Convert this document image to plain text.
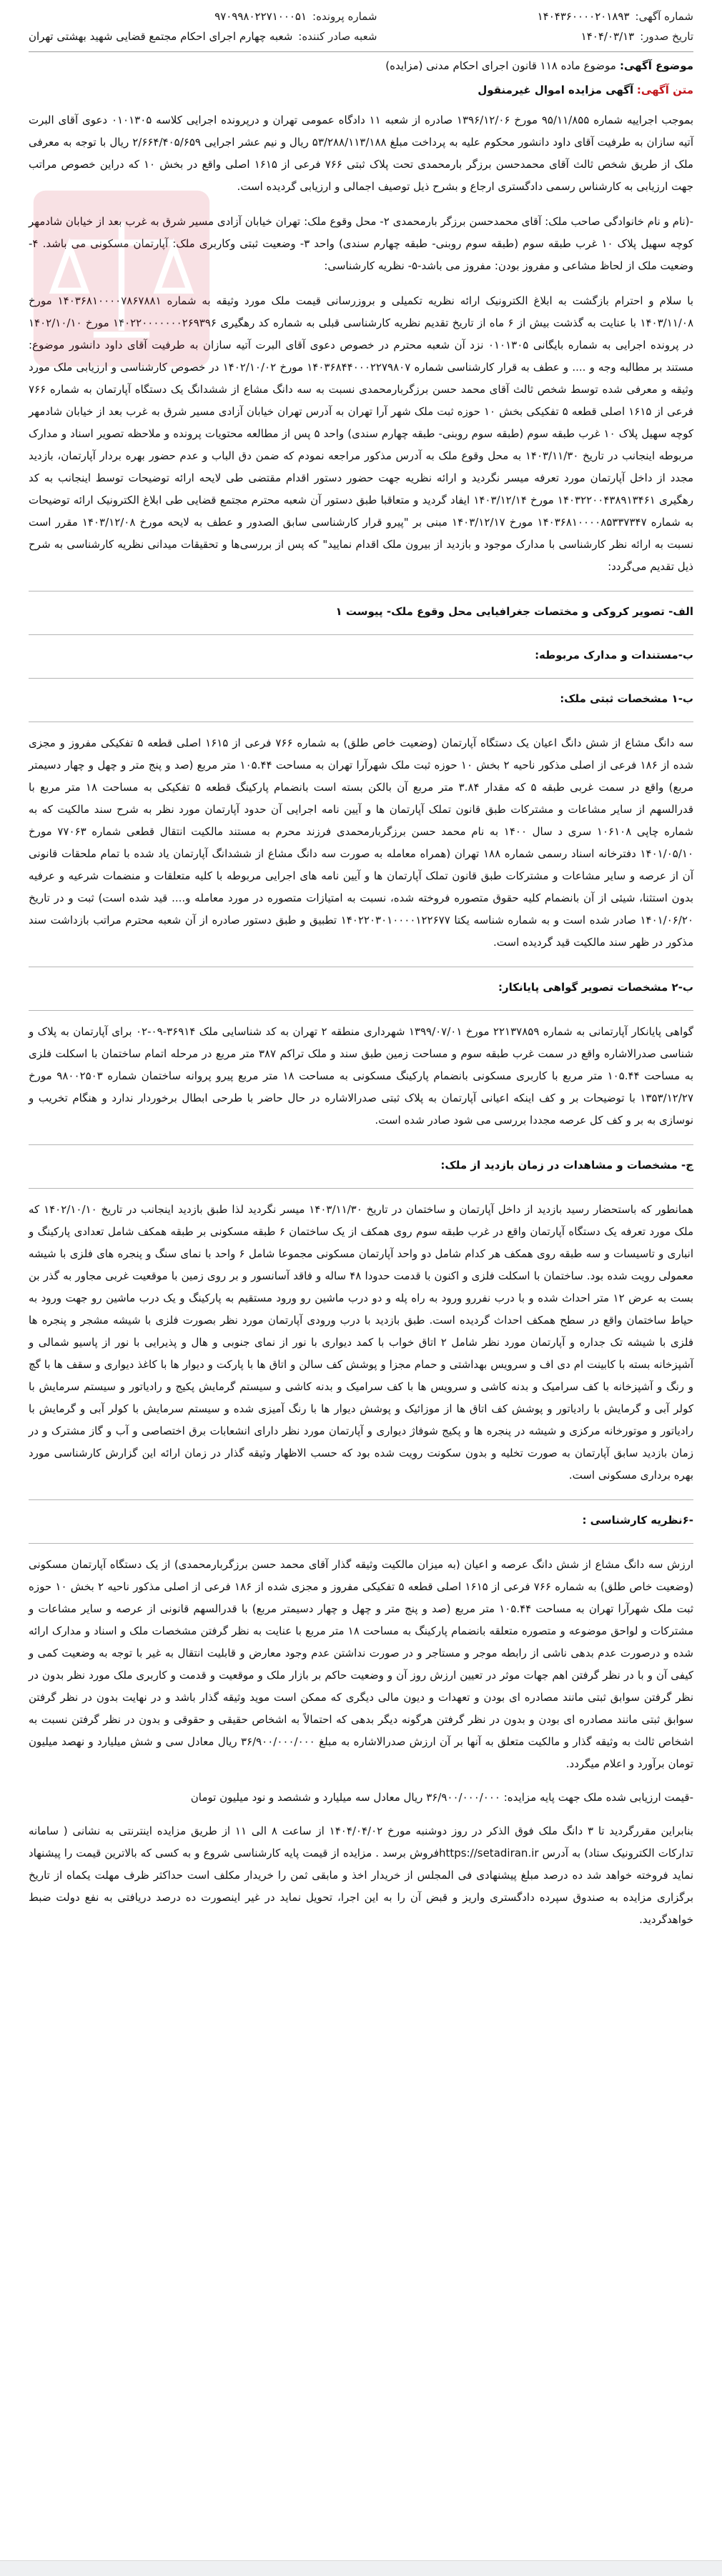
شماره آگهی:
۱۴۰۴۳۶۰۰۰۰۲۰۱۸۹۳
تاریخ صدور:
۱۴۰۴/۰۳/۱۳
شماره پرونده:
۹۷۰۹۹۸۰۲۲۷۱۰۰۰۵۱
شعبه صادر کننده:
شعبه چهارم اجرای احکام مجتمع قضایی شهید بهشتی تهران
موضوع آگهی: موضوع ماده ۱۱۸ قانون اجرای احکام مدنی (مزایده)
متن آگهی: آگهی مزایده اموال غیرمنقول

بموجب اجراییه شماره ۹۵/۱۱/۸۵۵ مورخ ۱۳۹۶/۱۲/۰۶ صادره از شعبه ۱۱ دادگاه عمومی تهران و درپرونده اجرایی کلاسه ۰۱۰۱۳۰۵ دعوی آقای البرت آتیه سازان به طرفیت آقای داود دانشور محکوم علیه به پرداخت مبلغ ۵۳/۲۸۸/۱۱۳/۱۸۸ ریال و نیم عشر اجرایی ۲/۶۶۴/۴۰۵/۶۵۹ ریال با توجه به معرفی ملک از طریق شخص ثالث آقای محمدحسن برزگر بارمحمدی تحت پلاک ثبتی ۷۶۶ فرعی از ۱۶۱۵ اصلی واقع در بخش ۱۰ که دراین خصوص مراتب جهت ارزیابی به کارشناس رسمی دادگستری ارجاع و بشرح ذیل توصیف اجمالی و ارزیابی گردیده است.

-(نام و نام خانوادگی صاحب ملک: آقای محمدحسن برزگر بارمحمدی ۲- محل وقوع ملک: تهران خیابان آزادی مسیر شرق به غرب بعد از خیابان شادمهر کوچه سهیل پلاک ۱۰ غرب طبقه سوم (طبقه سوم روبنی- طبقه چهارم سندی) واحد ۳- وضعیت ثبتی وکاربری ملک: آپارتمان مسکونی می باشد. ۴- وضعیت ملک از لحاظ مشاعی و مفروز بودن: مفروز می باشد-۵- نظریه کارشناسی:

با سلام و احترام بازگشت به ابلاغ الکترونیک ارائه نظریه تکمیلی و بروزرسانی قیمت ملک مورد وثیقه به شماره ۱۴۰۳۶۸۱۰۰۰۰۷۸۶۷۸۸۱ مورخ ۱۴۰۳/۱۱/۰۸ با عنایت به گذشت بیش از ۶ ماه از تاریخ تقدیم نظریه کارشناسی قبلی به شماره کد رهگیری ۱۴۰۲۲۰۰۰۰۰۰۰۲۶۹۳۹۶ مورخ ۱۴۰۲/۱۰/۱۰ در پرونده اجرایی به شماره بایگانی ۰۱۰۱۳۰۵ نزد آن شعبه محترم در خصوص دعوی آقای البرت آتیه سازان به طرفیت آقای داود دانشور موضوع: مستند بر مطالبه وجه و .... و عطف به قرار کارشناسی شماره ۱۴۰۳۶۸۴۴۰۰۰۲۲۷۹۸۰۷ مورخ ۱۴۰۲/۱۰/۰۲ در خصوص کارشناسی و ارزیابی ملک مورد وثیقه و معرفی شده توسط شخص ثالث آقای محمد حسن برزگربارمحمدی نسبت به سه دانگ مشاع از ششدانگ یک دستگاه آپارتمان به شماره ۷۶۶ فرعی از ۱۶۱۵ اصلی قطعه ۵ تفکیکی بخش ۱۰ حوزه ثبت ملک شهر آرا تهران به آدرس تهران خیابان آزادی مسیر شرق به غرب بعد از خیابان شادمهر کوچه سهیل پلاک ۱۰ غرب طبقه سوم (طبقه سوم روبنی- طبقه چهارم سندی) واحد ۵ پس از مطالعه محتویات پرونده و ملاحظه تصویر اسناد و مدارک مربوطه اینجانب در تاریخ ۱۴۰۳/۱۱/۳۰ به محل وقوع ملک به آدرس مذکور مراجعه نمودم که ضمن دق الباب و عدم حضور بهره بردار آپارتمان، بازدید مجدد از داخل آپارتمان مورد تعرفه میسر نگردید و ارائه نظریه جهت حضور دستور اقدام مقتضی طی لایحه ارائه توضیحات توسط اینجانب به کد رهگیری ۱۴۰۳۲۲۰۰۴۳۸۹۱۳۴۶۱ مورخ ۱۴۰۳/۱۲/۱۴ ایفاد گردید و متعاقبا طبق دستور آن شعبه محترم مجتمع قضایی طی ابلاغ الکترونیک ارائه توضیحات به شماره ۱۴۰۳۶۸۱۰۰۰۰۸۵۳۳۷۳۴۷ مورخ ۱۴۰۳/۱۲/۱۷ مبنی بر "پیرو قرار کارشناسی سابق الصدور و عطف به لایحه مورخ ۱۴۰۳/۱۲/۰۸ مقرر است نسبت به ارائه نظر کارشناسی با مدارک موجود و بازدید از بیرون ملک اقدام نمایید" که پس از بررسی‌ها و تحقیقات میدانی نظریه کارشناسی به شرح ذیل تقدیم می‌گردد:

الف- تصویر کروکی و مختصات جغرافیایی محل وقوع ملک- پیوست ۱
ب-مستندات و مدارک مربوطه:
ب-۱ مشخصات ثبتی ملک:

سه دانگ مشاع از شش دانگ اعیان یک دستگاه آپارتمان (وضعیت خاص طلق) به شماره ۷۶۶ فرعی از ۱۶۱۵ اصلی قطعه ۵ تفکیکی مفروز و مجزی شده از ۱۸۶ فرعی از اصلی مذکور ناحیه ۲ بخش ۱۰ حوزه ثبت ملک شهرآرا تهران به مساحت ۱۰۵.۴۴ متر مربع (صد و پنج متر و چهل و چهار دسیمتر مربع) واقع در سمت غربی طبقه ۵ که مقدار ۳.۸۴ متر مربع آن بالکن بسته است بانضمام پارکینگ قطعه ۵ تفکیکی به مساحت ۱۸ متر مربع با قدرالسهم از سایر مشاعات و مشترکات طبق قانون تملک آپارتمان ها و آیین نامه اجرایی آن حدود آپارتمان مورد نظر به شرح سند مالکیت که به شماره چاپی ۱۰۶۱۰۸ سری د سال ۱۴۰۰ به نام محمد حسن برزگربارمحمدی فرزند محرم به مستند مالکیت انتقال قطعی شماره ۷۷۰۶۳ مورخ ۱۴۰۱/۰۵/۱۰ دفترخانه اسناد رسمی شماره ۱۸۸ تهران (همراه معامله به صورت سه دانگ مشاع از ششدانگ آپارتمان یاد شده با تمام ملحقات قانونی آن از عرصه و سایر مشاعات و مشترکات طبق قانون تملک آپارتمان ها و آیین نامه های اجرایی مربوطه با کلیه متعلقات و منضمات شرعیه و عرفیه بدون استثنا، شیئی از آن بانضمام کلیه حقوق متصوره فروخته شده، نسبت به امتیازات متصوره در مورد معامله و.... قید شده است) ثبت و در تاریخ ۱۴۰۱/۰۶/۲۰ صادر شده است و به شماره شناسه یکتا ۱۴۰۲۲۰۳۰۱۰۰۰۰۱۲۲۶۷۷ تطبیق و طبق دستور صادره از آن شعبه محترم مراتب بازداشت سند مذکور در ظهر سند مالکیت قید گردیده است.

ب-۲ مشخصات تصویر گواهی پایانکار:

گواهی پایانکار آپارتمانی به شماره ۲۲۱۳۷۸۵۹ مورخ ۱۳۹۹/۰۷/۰۱ شهرداری منطقه ۲ تهران به کد شناسایی ملک ۳۶۹۱۴-۰۹-۰۲ برای آپارتمان به پلاک و شناسی صدرالاشاره واقع در سمت غرب طبقه سوم و مساحت زمین طبق سند و ملک تراکم ۳۸۷ متر مربع در مرحله اتمام ساختمان با اسکلت فلزی به مساحت ۱۰۵.۴۴ متر مربع با کاربری مسکونی بانضمام پارکینگ مسکونی به مساحت ۱۸ متر مربع پیرو پروانه ساختمان شماره ۹۸۰۰۲۵۰۳ مورخ ۱۳۵۳/۱۲/۲۷ با توضیحات بر و کف اینکه اعیانی آپارتمان به پلاک ثبتی صدرالاشاره در حال حاضر با طرحی ابطال برخوردار ندارد و هنگام تخریب و نوسازی به بر و کف کل عرصه مجددا بررسی می شود صادر شده است.

ج- مشخصات و مشاهدات در زمان بازدید از ملک:

همانطور که باستحضار رسید بازدید از داخل آپارتمان و ساختمان در تاریخ ۱۴۰۳/۱۱/۳۰ میسر نگردید لذا طبق بازدید اینجانب در تاریخ ۱۴۰۲/۱۰/۱۰ که ملک مورد تعرفه یک دستگاه آپارتمان واقع در غرب طبقه سوم روی همکف از یک ساختمان ۶ طبقه مسکونی بر طبقه همکف شامل تعدادی پارکینگ و انباری و تاسیسات و سه طبقه روی همکف هر کدام شامل دو واحد آپارتمان مسکونی مجموعا شامل ۶ واحد با نمای سنگ و پنجره های فلزی با شیشه معمولی رویت شده بود. ساختمان با اسکلت فلزی و اکنون با قدمت حدودا ۴۸ ساله و فاقد آسانسور و بر روی زمین با موقعیت غربی مجاور به گذر بن بست به عرض ۱۲ متر احداث شده و با درب نفررو ورود به راه پله و دو درب ماشین رو ورود مستقیم به پارکینگ و یک درب ماشین رو جهت ورود به حیاط ساختمان واقع در سطح همکف احداث گردیده است. طبق بازدید با درب ورودی آپارتمان مورد نظر بصورت فلزی با شیشه مشجر و پنجره ها فلزی با شیشه تک جداره و آپارتمان مورد نظر شامل ۲ اتاق خواب با کمد دیواری با نور از نمای جنوبی و هال و پذیرایی با نور از پاسیو شمالی و آشپزخانه بسته با کابینت ام دی اف و سرویس بهداشتی و حمام مجزا و پوشش کف سالن و اتاق ها با پارکت و دیوار ها با کاغذ دیواری و سقف ها با گچ و رنگ و آشپزخانه با کف سرامیک و بدنه کاشی و سرویس ها با کف سرامیک و بدنه کاشی و سیستم گرمایش پکیج و رادیاتور و سیستم سرمایش با کولر آبی و گرمایش با رادیاتور و پوشش کف اتاق ها از موزائیک و پوشش دیوار ها با رنگ آمیزی شده و سیستم سرمایش با کولر آبی و گرمایش با رادیاتور و موتورخانه مرکزی و شیشه در پنجره ها و پکیج شوفاژ دیواری و آپارتمان مورد نظر دارای انشعابات برق اختصاصی و آب و گاز مشترک و در زمان بازدید سابق آپارتمان به صورت تخلیه و بدون سکونت رویت شده بود که حسب الاظهار وثیقه گذار در زمان ارائه این گزارش کارشناسی مورد بهره برداری مسکونی است.

-۶نظریه کارشناسی :

ارزش سه دانگ مشاع از شش دانگ عرصه و اعیان (به میزان مالکیت وثیقه گذار آقای محمد حسن برزگربارمحمدی) از یک دستگاه آپارتمان مسکونی (وضعیت خاص طلق) به شماره ۷۶۶ فرعی از ۱۶۱۵ اصلی قطعه ۵ تفکیکی مفروز و مجزی شده از ۱۸۶ فرعی از اصلی مذکور ناحیه ۲ بخش ۱۰ حوزه ثبت ملک شهرآرا تهران به مساحت ۱۰۵.۴۴ متر مربع (صد و پنج متر و چهل و چهار دسیمتر مربع) با قدرالسهم قانونی از عرصه و سایر مشاعات و مشترکات و لواحق موضوعه و متصوره متعلقه بانضمام پارکینگ به مساحت ۱۸ متر مربع با عنایت به نظر گرفتن مشخصات ملک و اسناد و مدارک ارائه شده و درصورت عدم بدهی ناشی از رابطه موجر و مستاجر و در صورت نداشتن عدم وجود معارض و قابلیت انتقال به غیر با توجه به وضعیت کمی و کیفی آن و با در نظر گرفتن اهم جهات موثر در تعیین ارزش روز آن و وضعیت حاکم بر بازار ملک و موقعیت و قدمت و کاربری ملک مورد نظر بدون در نظر گرفتن سوابق ثبتی مانند مصادره ای بودن و تعهدات و دیون مالی دیگری که ممکن است موید وثیقه گذار باشد و در نهایت بدون در نظر گرفتن سوابق ثبتی مانند مصادره ای بودن و بدون در نظر گرفتن هرگونه دیگر بدهی که احتمالاً به اشخاص حقیقی و حقوقی و بدون در نظر گرفتن نسبت به اشخاص ثالث به وثیقه گذار و مالکیت متعلق به آنها بر آن ارزش صدرالاشاره به مبلغ ۳۶/۹۰۰/۰۰۰/۰۰۰ ریال معادل سی و شش میلیارد و نهصد میلیون تومان برآورد و اعلام میگردد.

-قیمت ارزیابی شده ملک جهت پایه مزایده: ۳۶/۹۰۰/۰۰۰/۰۰۰ ریال معادل سه میلیارد و ششصد و نود میلیون تومان

بنابراین مقررگردید تا ۳ دانگ ملک فوق الذکر در روز دوشنبه مورخ ۱۴۰۴/۰۴/۰۲ از ساعت ۸ الی ۱۱ از طریق مزایده اینترنتی به نشانی ( سامانه تدارکات الکترونیک ستاد) به آدرس https://setadiran.irفروش برسد . مزایده از قیمت پایه کارشناسی شروع و به کسی که بالاترین قیمت را پیشنهاد نماید فروخته خواهد شد ده درصد مبلغ پیشنهادی فی المجلس از خریدار اخذ و مابقی ثمن را خریدار مکلف است حداکثر ظرف مهلت یکماه از تاریخ برگزاری مزایده به صندوق سپرده دادگستری واریز و قبض آن را به این اجرا، تحویل نماید در غیر اینصورت ده درصد دریافتی به نفع دولت ضبط خواهدگردید.
